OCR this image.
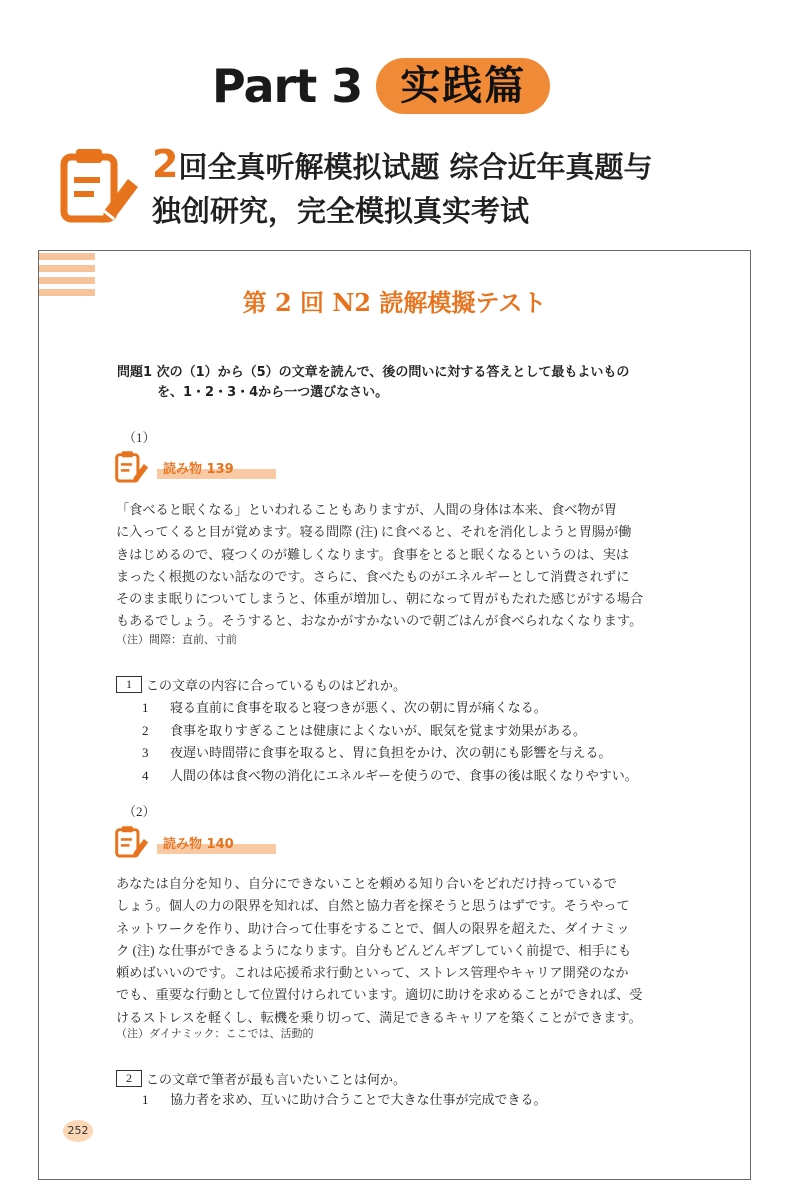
Part 3 实践篇
2回全真听解模拟试题 综合近年真题与
独创研究，完全模拟真实考试
第 2 回 N2 読解模擬テスト
問題1 次の（1）から（5）の文章を読んで、後の問いに対する答えとして最もよいもの
を、1・2・3・4から一つ選びなさい。
（1）
読み物 139
「食べると眠くなる」といわれることもありますが、人間の身体は本来、食べ物が胃
に入ってくると目が覚めます。寝る間際 (注) に食べると、それを消化しようと胃腸が働
きはじめるので、寝つくのが難しくなります。食事をとると眠くなるというのは、実は
まったく根拠のない話なのです。さらに、食べたものがエネルギーとして消費されずに
そのまま眠りについてしまうと、体重が増加し、朝になって胃がもたれた感じがする場合
もあるでしょう。そうすると、おなかがすかないので朝ごはんが食べられなくなります。
（注）間際：直前、寸前
1	この文章の内容に合っているものはどれか。
1	寝る直前に食事を取ると寝つきが悪く、次の朝に胃が痛くなる。
2	食事を取りすぎることは健康によくないが、眠気を覚ます効果がある。
3	夜遅い時間帯に食事を取ると、胃に負担をかけ、次の朝にも影響を与える。
4	人間の体は食べ物の消化にエネルギーを使うので、食事の後は眠くなりやすい。
（2）
読み物 140
あなたは自分を知り、自分にできないことを頼める知り合いをどれだけ持っているで
しょう。個人の力の限界を知れば、自然と協力者を探そうと思うはずです。そうやって
ネットワークを作り、助け合って仕事をすることで、個人の限界を超えた、ダイナミッ
ク (注) な仕事ができるようになります。自分もどんどんギブしていく前提で、相手にも
頼めばいいのです。これは応援希求行動といって、ストレス管理やキャリア開発のなか
でも、重要な行動として位置付けられています。適切に助けを求めることができれば、受
けるストレスを軽くし、転機を乗り切って、満足できるキャリアを築くことができます。
（注）ダイナミック：ここでは、活動的
2	この文章で筆者が最も言いたいことは何か。
1	協力者を求め、互いに助け合うことで大きな仕事が完成できる。
252
